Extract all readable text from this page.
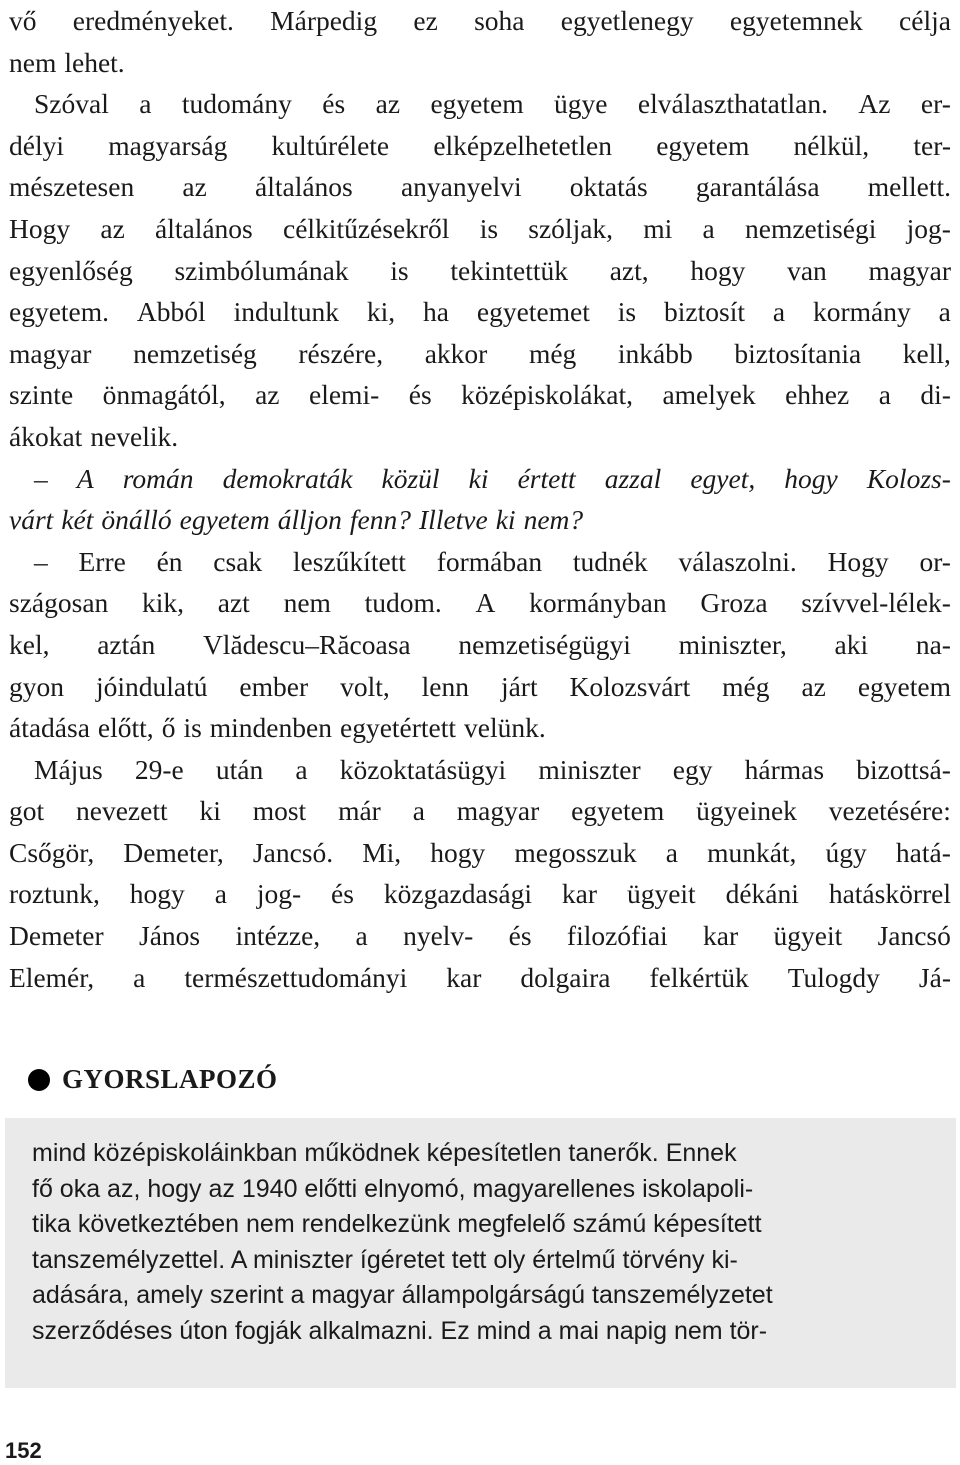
vő eredményeket. Márpedig ez soha egyetlenegy egyetemnek célja
nem lehet.
Szóval a tudomány és az egyetem ügye elválaszthatatlan. Az er-
délyi magyarság kultúrélete elképzelhetetlen egyetem nélkül, ter-
mészetesen az általános anyanyelvi oktatás garantálása mellett.
Hogy az általános célkitűzésekről is szóljak, mi a nemzetiségi jog-
egyenlőség szimbólumának is tekintettük azt, hogy van magyar
egyetem. Abból indultunk ki, ha egyetemet is biztosít a kormány a
magyar nemzetiség részére, akkor még inkább biztosítania kell,
szinte önmagától, az elemi- és középiskolákat, amelyek ehhez a di-
ákokat nevelik.
– A román demokraták közül ki értett azzal egyet, hogy Kolozs-
várt két önálló egyetem álljon fenn? Illetve ki nem?
– Erre én csak leszűkített formában tudnék válaszolni. Hogy or-
szágosan kik, azt nem tudom. A kormányban Groza szívvel-lélek-
kel, aztán Vlădescu–Răcoasa nemzetiségügyi miniszter, aki na-
gyon jóindulatú ember volt, lenn járt Kolozsvárt még az egyetem
átadása előtt, ő is mindenben egyetértett velünk.
Május 29-e után a közoktatásügyi miniszter egy hármas bizottsá-
got nevezett ki most már a magyar egyetem ügyeinek vezetésére:
Csőgör, Demeter, Jancsó. Mi, hogy megosszuk a munkát, úgy hatá-
roztunk, hogy a jog- és közgazdasági kar ügyeit dékáni hatáskörrel
Demeter János intézze, a nyelv- és filozófiai kar ügyeit Jancsó
Elemér, a természettudományi kar dolgaira felkértük Tulogdy Já-
GYORSLAPOZÓ
mind középiskoláinkban működnek képesítetlen tanerők. Ennek
fő oka az, hogy az 1940 előtti elnyomó, magyarellenes iskolapoli-
tika következtében nem rendelkezünk megfelelő számú képesített
tanszemélyzettel. A miniszter ígéretet tett oly értelmű törvény ki-
adására, amely szerint a magyar állampolgárságú tanszemélyzetet
szerződéses úton fogják alkalmazni. Ez mind a mai napig nem tör-
152
